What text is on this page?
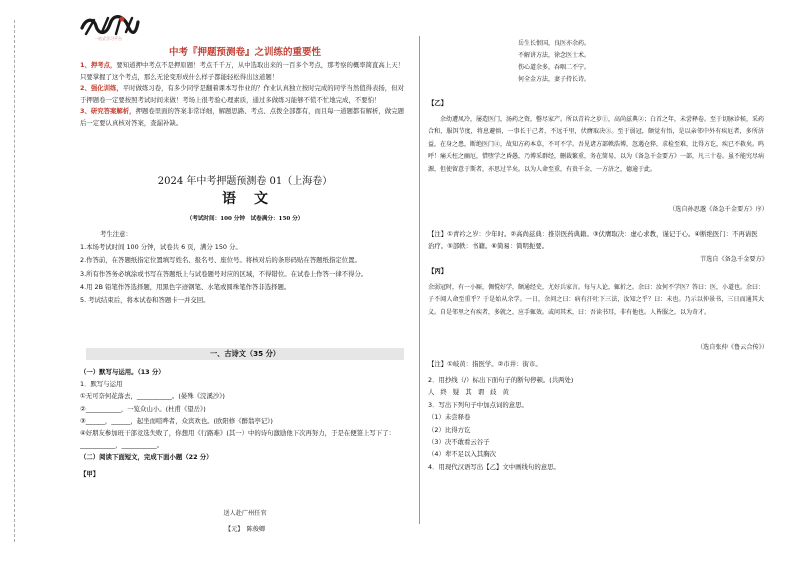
一站式学习平台
中考『押题预测卷』之训练的重要性

1、押考点，要知道押中考点不是押原题！考点千千万，从中选取出来的一百多个考点，那考察的概率简直高上天！只要掌握了这个考点，那么无论变形成什么样子都能轻松得出这道题！

2、强化训练，平时做练习卷，有多少同学是翻着课本写作业的？作业认真独立按时完成的同学当然值得表扬，但对于押题卷一定要按照考试时间来做！考场上很考验心理素质，通过多做练习能够不慌不忙地完成，不要怕！

3、研究答案解析，押题卷里面的答案非常详细，解题思路、考点、点拨全部都有，而且每一道题都有解析，做完题后一定要认真核对答案，查漏补缺。

2024 年中考押题预测卷 01（上海卷）
语文
（考试时间：100 分钟　试卷满分：150 分）
考生注意：
1.本场考试时间 100 分钟，试卷共 6 页，满分 150 分。
2.作答前，在答题纸指定位置填写姓名、报名号、座位号。将核对后的条形码贴在答题纸指定位置。
3.所有作答务必填涂或书写在答题纸上与试卷题号对应的区域，不得错位。在试卷上作答一律不得分。
4.用 2B 铅笔作答选择题，用黑色字迹钢笔、水笔或圆珠笔作答非选择题。
5. 考试结束后，将本试卷和答题卡一并交回。
一、古诗文（35 分）
（一）默写与运用。（13 分）
1．默写与运用
①无可奈何花落去，___________。(晏殊《浣溪沙》)
②___________，一览众山小。(杜甫《望岳》)
③______，______，起坐而喧哗者，众宾欢也。(欧阳修《醉翁亭记》)
④好朋友参加班干部竞选失败了，你想用《行路难》(其一）中的诗句激励他下次再努力，于是在便签上写下了：___________，___________。
（二）阅读下面短文，完成下面小题（22 分）
【甲】
送人赴广州任官
【元】　陈俊卿
岳生长恨国，良医亦余药。
不解讲方法，徐念医士术。
伤心道余多，吞咽二不宁。
何全金方法，妻子持长诗。
【乙】
余幼遭凤冷，屡造医门，汤药之资，罄尽家产。所以青衿之岁①，高尚兹典②；白首之年，未尝释卷。至于切脉诊候，采药合和，服饵节度，将息避慎，一事长于己者，不远千里，伏膺取决③。至于弱冠，颇觉有悟，是以亲邻中外有疾厄者，多所济益，在身之患，断绝医门④，故知方药本草，不可不学。吾见诸方部帙浩博，忽遇仓猝，求检至难，比得方讫，疾已不救矣。呜呼！痛夭枉之幽厄，惜堕学之昏愚，乃博采群经，删裁繁重，务在简易，以为《备急千金要方》一部，凡三十卷。虽不能究尽病源，但使留意于斯者，亦思过半矣。以为人命至重，有贵千金，一方济之，德逾于此。
（选自孙思邈《备急千金要方》序）
【注】①青衿之岁：少年时。②高尚兹典：推崇医药典籍。③伏膺取决：虚心求教，谨记于心。④断绝医门：不再请医治疗。⑤部帙：书籍。⑥简易：简明扼要。
节选自《备急千金要方》
【丙】
余弱冠时，有一小厮，倜傥好学，颇通经史，尤好兵家言。每与人论，辄折之。余曰：汝何不学医？答曰：医，小道也。余曰：子不闻人命至重乎？于是始从余学。一日，余问之曰：病有汗吐下三法，汝知之乎？曰：未也。乃示以仲景书，三日而通其大义。自是邻里之有疾者，多就之，应手辄效。或问其术，曰：吾读书耳，非有他也。人皆服之，以为奇才。
（选自张仲《鲁云合传》）
【注】①岐黄：指医学。②市井：街市。
2．用抄线（/）标出下面句子的断句停顿。(共两处)
人 終 疑 其 谓 歧 黄
3．写出下列句子中加点词的意思。
（1）未尝释卷
（2）比得方讫
（3）决不敢看云谷子
（4）辈不足以入其胸次
4．用现代汉语写出【乙】文中画线句的意思。
